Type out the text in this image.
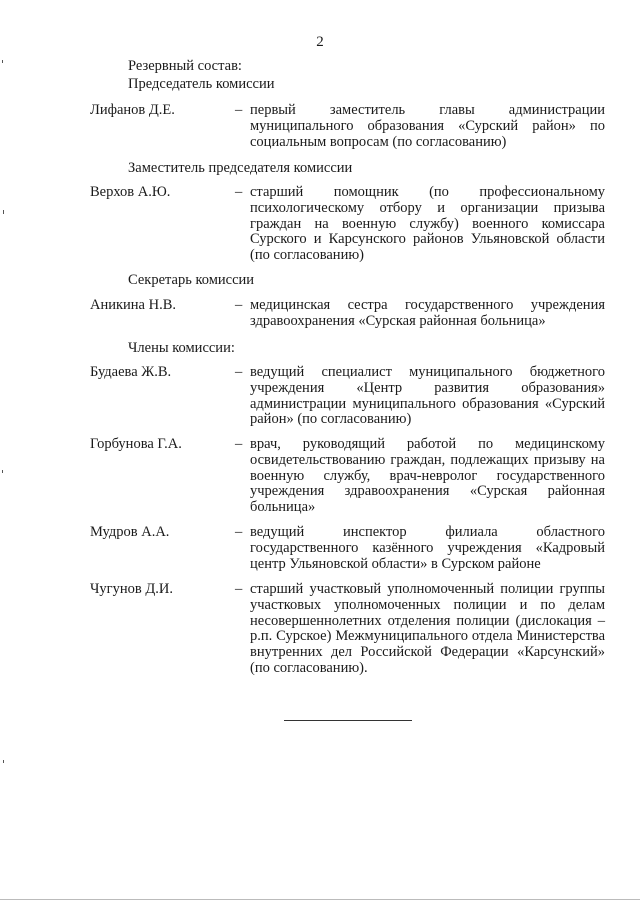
2
Резервный состав:
Председатель комиссии
Лифанов Д.Е.	– первый заместитель главы администрации муниципального образования «Сурский район» по социальным вопросам (по согласованию)
Заместитель председателя комиссии
Верхов А.Ю.	– старший помощник (по профессиональному психологическому отбору и организации призыва граждан на военную службу) военного комиссара Сурского и Карсунского районов Ульяновской области (по согласованию)
Секретарь комиссии
Аникина Н.В.	– медицинская сестра государственного учреждения здравоохранения «Сурская районная больница»
Члены комиссии:
Будаева Ж.В.	– ведущий специалист муниципального бюджетного учреждения «Центр развития образования» администрации муниципального образования «Сурский район» (по согласованию)
Горбунова Г.А.	– врач, руководящий работой по медицинскому освидетельствованию граждан, подлежащих призыву на военную службу, врач-невролог государственного учреждения здравоохранения «Сурская районная больница»
Мудров А.А.	– ведущий инспектор филиала областного государственного казённого учреждения «Кадровый центр Ульяновской области» в Сурском районе
Чугунов Д.И.	– старший участковый уполномоченный полиции группы участковых уполномоченных полиции и по делам несовершеннолетних отделения полиции (дислокация – р.п. Сурское) Межмуниципального отдела Министерства внутренних дел Российской Федерации «Карсунский» (по согласованию).
